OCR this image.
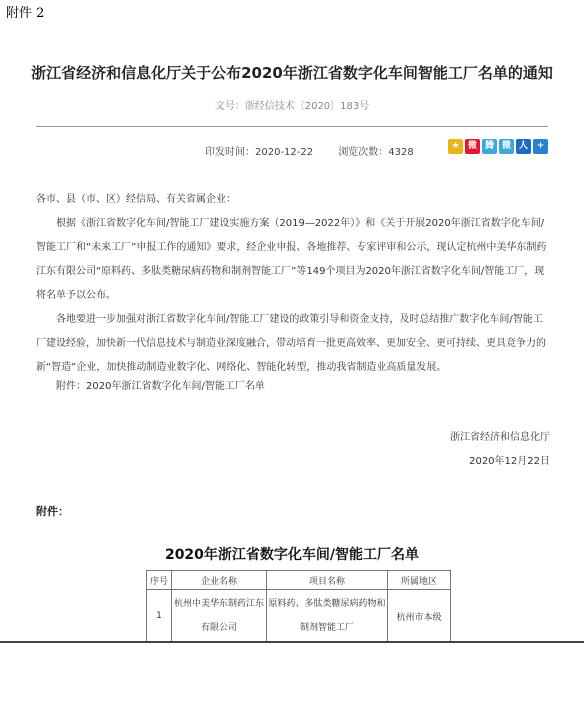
附件 2
浙江省经济和信息化厅关于公布2020年浙江省数字化车间智能工厂名单的通知
文号：浙经信技术〔2020〕183号
印发时间：2020-12-22	浏览次数：4328
★ 微 腾 微 人 +

各市、县（市、区）经信局、有关省属企业：

根据《浙江省数字化车间/智能工厂建设实施方案（2019—2022年）》和《关于开展2020年浙江省数字化车间/智能工厂和“未来工厂”申报工作的通知》要求，经企业申报、各地推荐、专家评审和公示，现认定杭州中美华东制药江东有限公司“原料药、多肽类糖尿病药物和制剂智能工厂”等149个项目为2020年浙江省数字化车间/智能工厂，现将名单予以公布。

各地要进一步加强对浙江省数字化车间/智能工厂建设的政策引导和资金支持，及时总结推广数字化车间/智能工厂建设经验，加快新一代信息技术与制造业深度融合，带动培育一批更高效率、更加安全、更可持续、更具竞争力的新“智造”企业，加快推动制造业数字化、网络化、智能化转型，推动我省制造业高质量发展。

附件：2020年浙江省数字化车间/智能工厂名单
浙江省经济和信息化厅
2020年12月22日
附件：
2020年浙江省数字化车间/智能工厂名单
序号	企业名称	项目名称	所属地区
1	杭州中美华东制药江东有限公司	原料药、多肽类糖尿病药物和制剂智能工厂	杭州市本级
